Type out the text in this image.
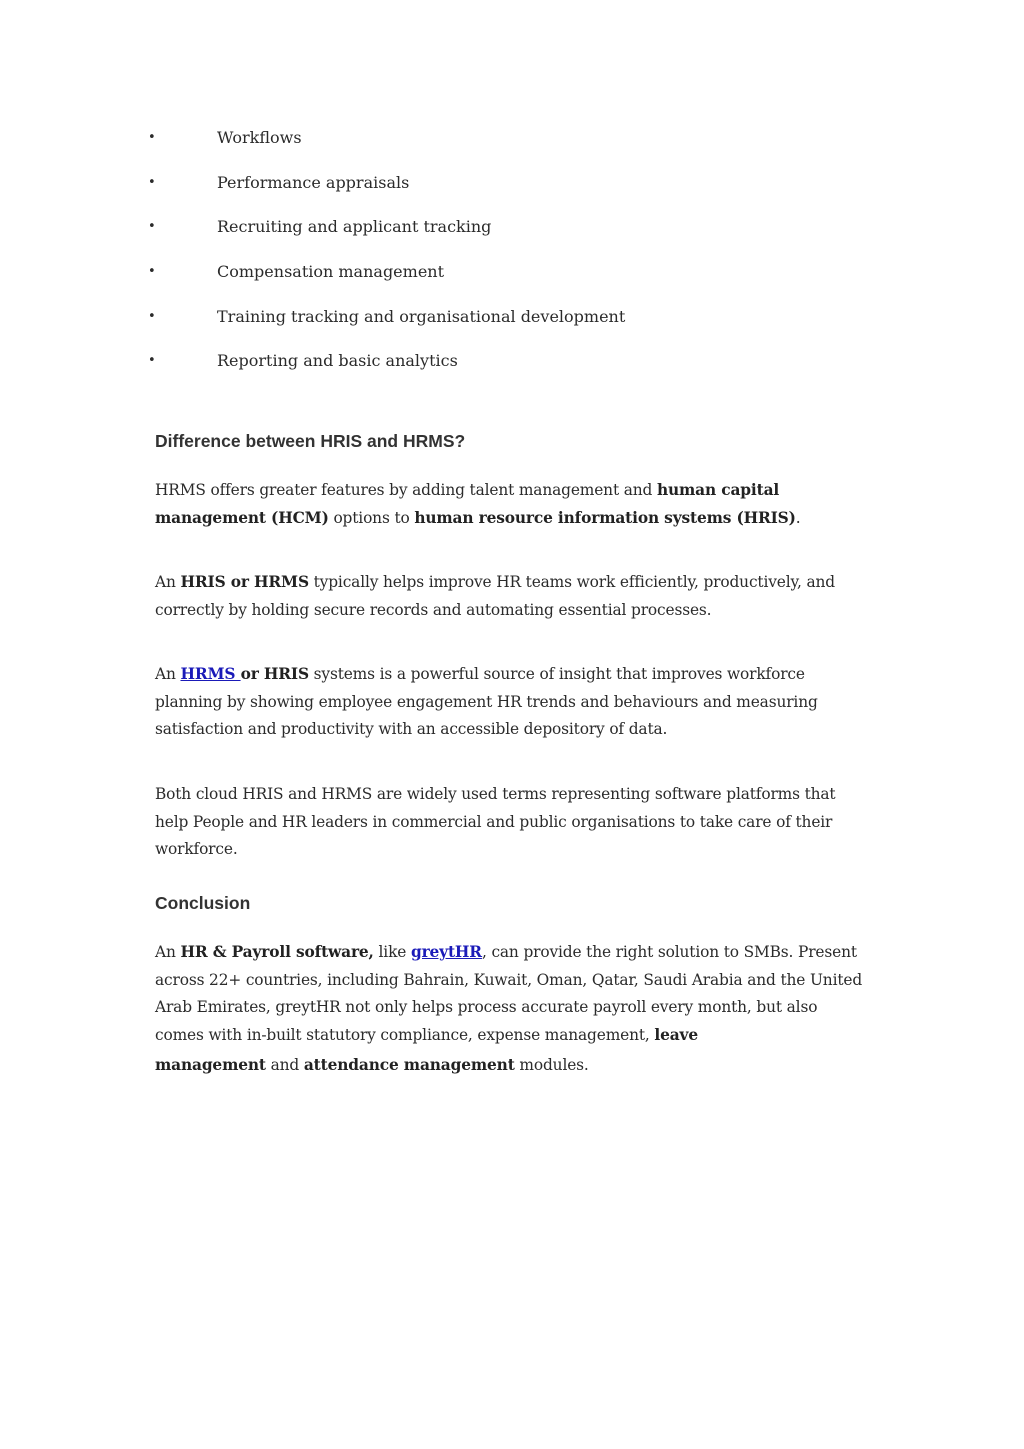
•	Workflows
•	Performance appraisals
•	Recruiting and applicant tracking
•	Compensation management
•	Training tracking and organisational development
•	Reporting and basic analytics
Difference between HRIS and HRMS?

HRMS offers greater features by adding talent management and human capital management (HCM) options to human resource information systems (HRIS).

An HRIS or HRMS typically helps improve HR teams work efficiently, productively, and correctly by holding secure records and automating essential processes.

An HRMS or HRIS systems is a powerful source of insight that improves workforce planning by showing employee engagement HR trends and behaviours and measuring satisfaction and productivity with an accessible depository of data.

Both cloud HRIS and HRMS are widely used terms representing software platforms that help People and HR leaders in commercial and public organisations to take care of their workforce.

Conclusion

An HR & Payroll software, like greytHR, can provide the right solution to SMBs. Present across 22+ countries, including Bahrain, Kuwait, Oman, Qatar, Saudi Arabia and the United Arab Emirates, greytHR not only helps process accurate payroll every month, but also comes with in-built statutory compliance, expense management, leave
management and attendance management modules.
